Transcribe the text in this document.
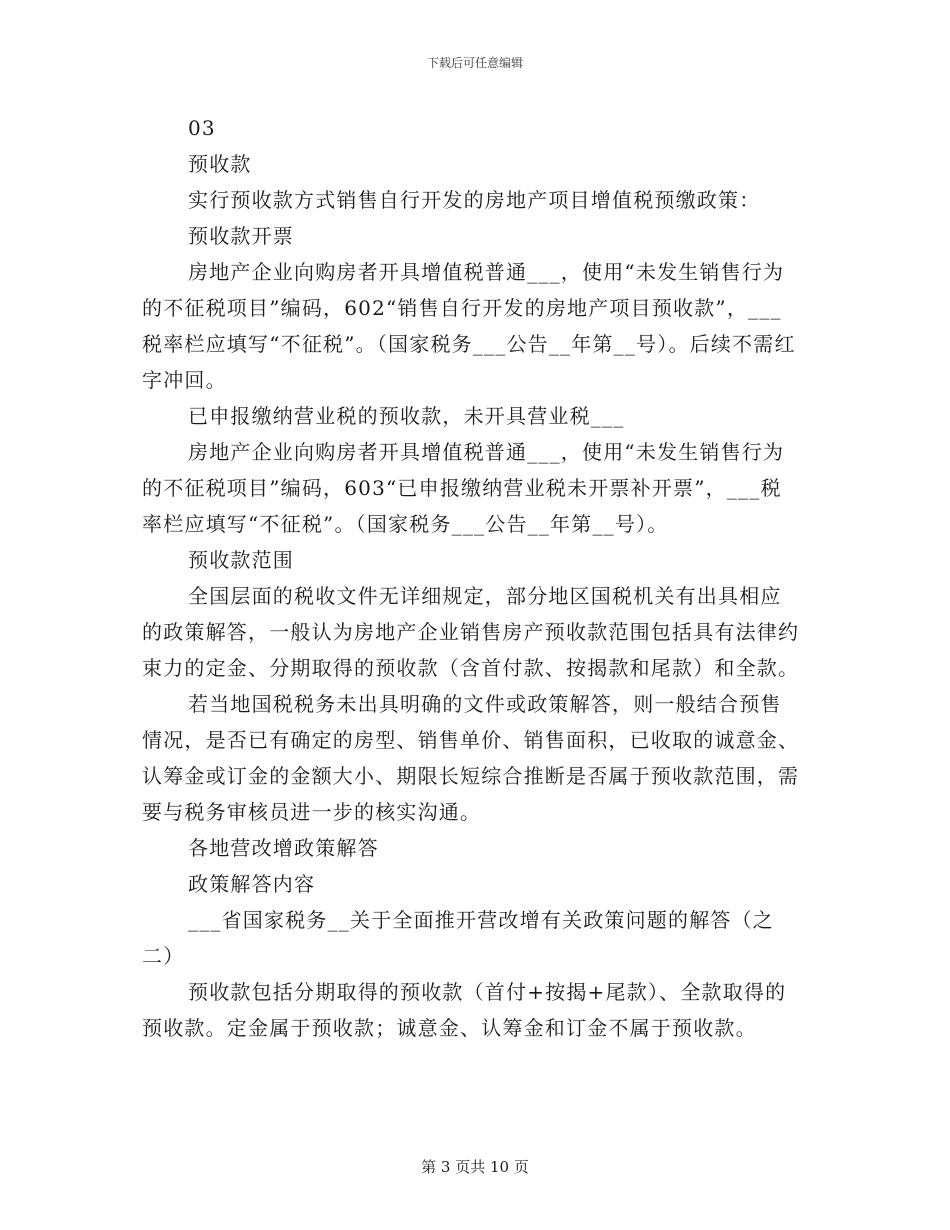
下载后可任意编辑

03

预收款

实行预收款方式销售自行开发的房地产项目增值税预缴政策：

预收款开票

房地产企业向购房者开具增值税普通___，使用“未发生销售行为的不征税项目”编码，602“销售自行开发的房地产项目预收款”，___税率栏应填写“不征税”。（国家税务___公告__年第__号）。后续不需红字冲回。

已申报缴纳营业税的预收款，未开具营业税___

房地产企业向购房者开具增值税普通___，使用“未发生销售行为的不征税项目”编码，603“已申报缴纳营业税未开票补开票”，___税率栏应填写“不征税”。（国家税务___公告__年第__号）。

预收款范围

全国层面的税收文件无详细规定，部分地区国税机关有出具相应的政策解答，一般认为房地产企业销售房产预收款范围包括具有法律约束力的定金、分期取得的预收款（含首付款、按揭款和尾款）和全款。

若当地国税税务未出具明确的文件或政策解答，则一般结合预售情况，是否已有确定的房型、销售单价、销售面积，已收取的诚意金、认筹金或订金的金额大小、期限长短综合推断是否属于预收款范围，需要与税务审核员进一步的核实沟通。

各地营改增政策解答

政策解答内容

___省国家税务__关于全面推开营改增有关政策问题的解答（之二）

预收款包括分期取得的预收款（首付+按揭+尾款）、全款取得的预收款。定金属于预收款；诚意金、认筹金和订金不属于预收款。

第 3 页共 10 页
